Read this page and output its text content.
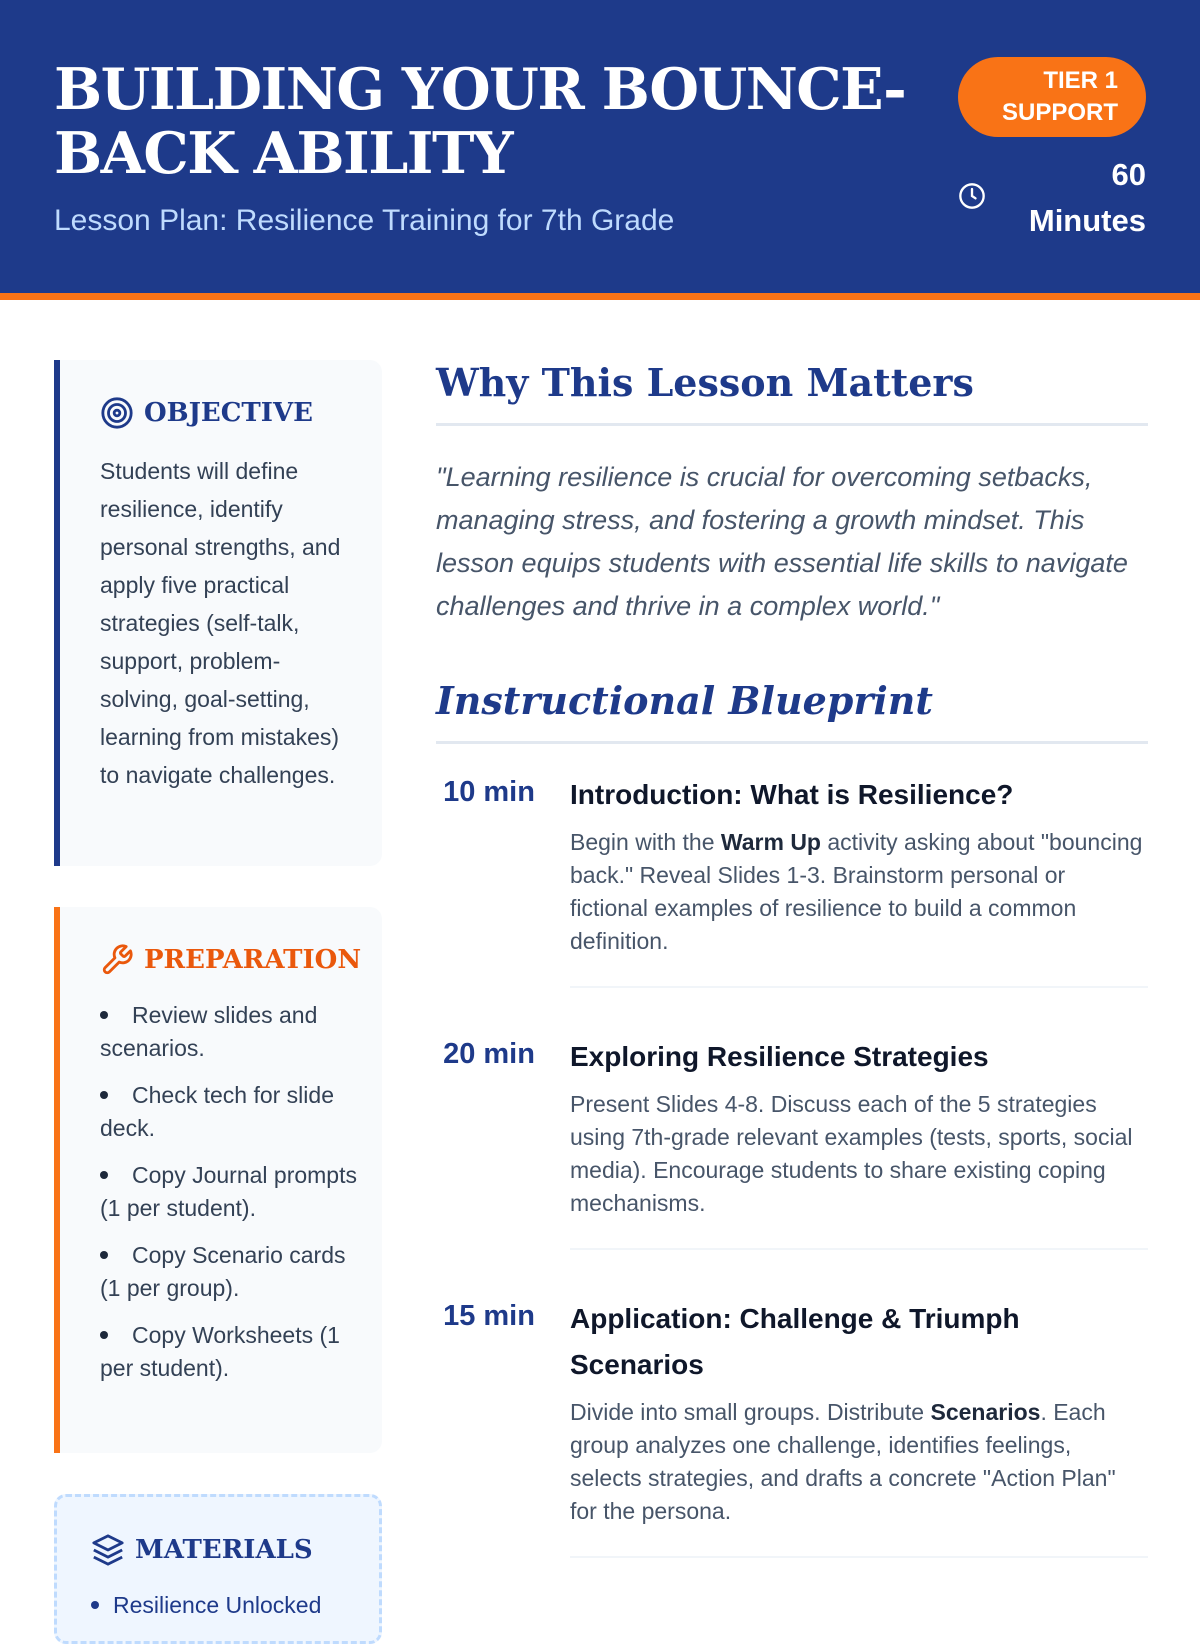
BUILDING YOUR BOUNCE-BACK ABILITY
Lesson Plan: Resilience Training for 7th Grade
TIER 1
SUPPORT
60
Minutes
OBJECTIVE

Students will define resilience, identify personal strengths, and apply five practical strategies (self-talk, support, problem-solving, goal-setting, learning from mistakes) to navigate challenges.

PREPARATION
Review slides and scenarios.
Check tech for slide deck.
Copy Journal prompts (1 per student).
Copy Scenario cards (1 per group).
Copy Worksheets (1 per student).
MATERIALS
Resilience Unlocked
Why This Lesson Matters

"Learning resilience is crucial for overcoming setbacks, managing stress, and fostering a growth mindset. This lesson equips students with essential life skills to navigate challenges and thrive in a complex world."

Instructional Blueprint
10 min Introduction: What is Resilience?

Begin with the Warm Up activity asking about "bouncing back." Reveal Slides 1-3. Brainstorm personal or fictional examples of resilience to build a common definition.

20 min Exploring Resilience Strategies

Present Slides 4-8. Discuss each of the 5 strategies using 7th-grade relevant examples (tests, sports, social media). Encourage students to share existing coping mechanisms.

15 min Application: Challenge & Triumph Scenarios

Divide into small groups. Distribute Scenarios. Each group analyzes one challenge, identifies feelings, selects strategies, and drafts a concrete "Action Plan" for the persona.
